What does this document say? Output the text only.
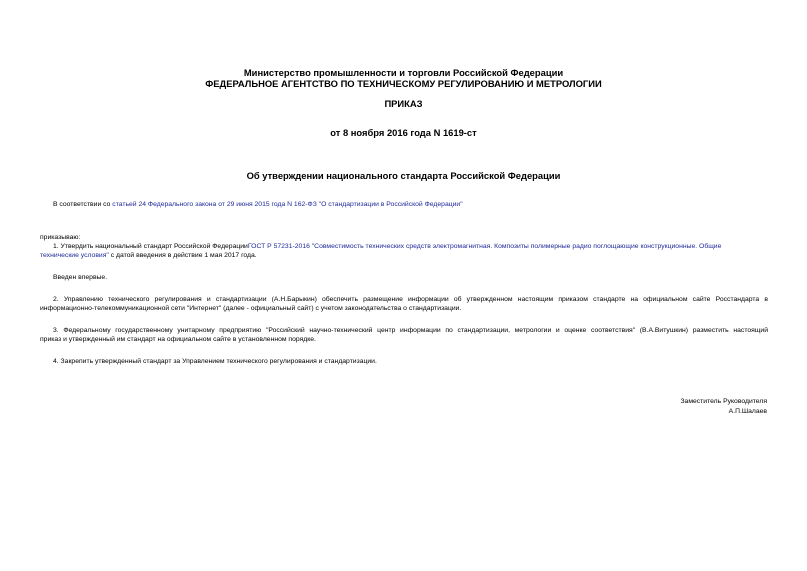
Министерство промышленности и торговли Российской Федерации
ФЕДЕРАЛЬНОЕ АГЕНТСТВО ПО ТЕХНИЧЕСКОМУ РЕГУЛИРОВАНИЮ И МЕТРОЛОГИИ
ПРИКАЗ
от 8 ноября 2016 года N 1619-ст
Об утверждении национального стандарта Российской Федерации
В соответствии со статьей 24 Федерального закона от 29 июня 2015 года N 162-ФЗ "О стандартизации в Российской Федерации"
приказываю:
1. Утвердить национальный стандарт Российской ФедерацииГОСТ Р 57231-2016 "Совместимость технических средств электромагнитная. Композиты полимерные радио поглощающие конструкционные. Общие
технические условия" с датой введения в действие 1 мая 2017 года.
Введен впервые.
2. Управлению технического регулирования и стандартизации (А.Н.Барыкин) обеспечить размещение информации об утвержденном настоящим приказом стандарте на официальном сайте Росстандарта в
информационно-телекоммуникационной сети "Интернет" (далее - официальный сайт) с учетом законодательства о стандартизации.
3. Федеральному государственному унитарному предприятию "Российский научно-технический центр информации по стандартизации, метрологии и оценке соответствия" (В.А.Витушкин) разместить настоящий
приказ и утвержденный им стандарт на официальном сайте в установленном порядке.
4. Закрепить утвержденный стандарт за Управлением технического регулирования и стандартизации.
Заместитель Руководителя
А.П.Шалаев
